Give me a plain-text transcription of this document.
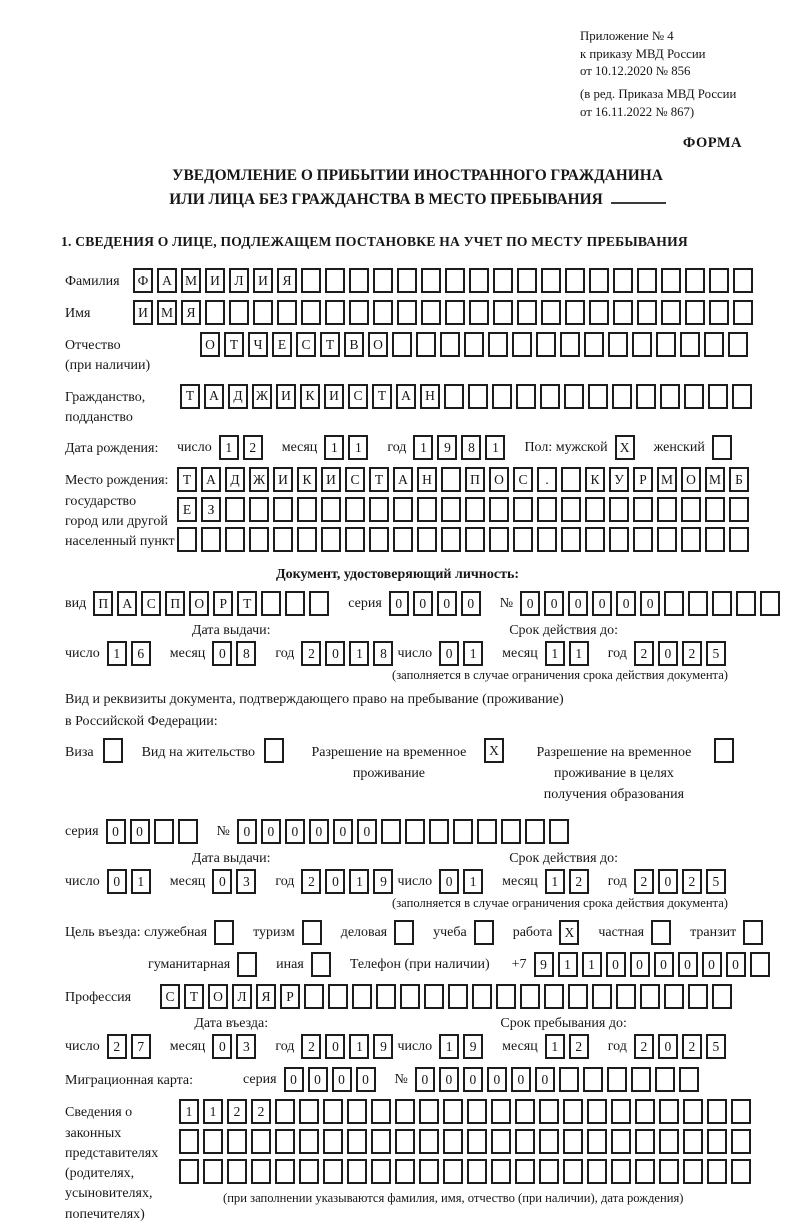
Приложение № 4
к приказу МВД России
от 10.12.2020 № 856
(в ред. Приказа МВД России
от 16.11.2022 № 867)
ФОРМА
УВЕДОМЛЕНИЕ О ПРИБЫТИИ ИНОСТРАННОГО ГРАЖДАНИНА
ИЛИ ЛИЦА БЕЗ ГРАЖДАНСТВА В МЕСТО ПРЕБЫВАНИЯ
1. СВЕДЕНИЯ О ЛИЦЕ, ПОДЛЕЖАЩЕМ ПОСТАНОВКЕ НА УЧЕТ ПО МЕСТУ ПРЕБЫВАНИЯ
Фамилия	Ф	А М И	Л	И	Я
Имя	И М Я
Отчество
(при наличии)
О	Т	Ч	Е	С	Т	В	О
Гражданство,
подданство
Т	А	Д Ж И	К	И	С	Т	А	Н
Дата рождения:	число	1	2	месяц	1	1	год	1	9	8	1	Пол: мужской X	женский
Место рождения:
государство
город или другой
населенный пункт
Т	А	Д Ж И	К	И	С	Т	А	Н	П	О	С	.	К	У	Р	М О М	Б

Е	З

Документ, удостоверяющий личность:
вид П	А	С	П	О	Р	Т	серия	0	0	0	0	№	0	0	0	0	0	0
Дата выдачи:
число	1	6	месяц	0	8	год	2	0	1	8
Срок действия до:
число	0	1	месяц	1	1	год	2	0	2	5
(заполняется в случае ограничения срока действия документа)
Вид и реквизиты документа, подтверждающего право на пребывание (проживание)
в Российской Федерации:
Виза	Вид на жительство	Разрешение на временное проживание
X	Разрешение на временное проживание в целях получения образования
серия	0	0	№	0	0	0	0	0	0
Дата выдачи:
число	0	1	месяц	0	3	год	2	0	1	9
Срок действия до:
число	0	1	месяц	1	2	год	2	0	2	5
(заполняется в случае ограничения срока действия документа)
Цель въезда: служебная	туризм	деловая	учеба	работа X	частная	транзит
гуманитарная	иная	Телефон (при наличии) +7	9	1	1	0	0	0	0	0	0
Профессия	С	Т	О	Л	Я	Р
Дата въезда:
число	2	7	месяц	0	3	год	2	0	1	9
Срок пребывания до:
число	1	9	месяц	1	2	год	2	0	2	5
Миграционная карта:	серия	0	0	0	0	№	0	0	0	0	0	0
Сведения о
законных
представителях
(родителях,
усыновителях,
попечителях)
1	1	2	2

(при заполнении указываются фамилия, имя, отчество (при наличии), дата рождения)
